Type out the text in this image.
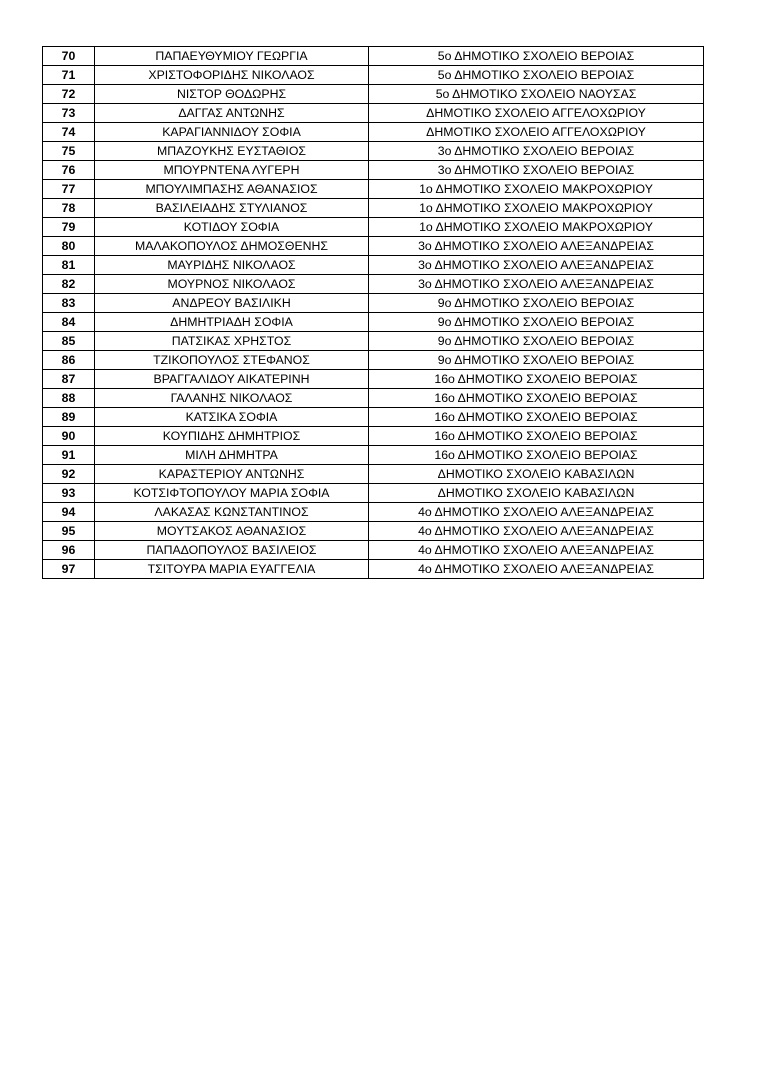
70	ΠΑΠΑΕΥΘΥΜΙΟΥ ΓΕΩΡΓΙΑ	5ο ΔΗΜΟΤΙΚΟ ΣΧΟΛΕΙΟ ΒΕΡΟΙΑΣ
71	ΧΡΙΣΤΟΦΟΡΙΔΗΣ ΝΙΚΟΛΑΟΣ	5ο ΔΗΜΟΤΙΚΟ ΣΧΟΛΕΙΟ ΒΕΡΟΙΑΣ
72	ΝΙΣΤΟΡ ΘΟΔΩΡΗΣ	5ο ΔΗΜΟΤΙΚΟ ΣΧΟΛΕΙΟ ΝΑΟΥΣΑΣ
73	ΔΑΓΓΑΣ ΑΝΤΩΝΗΣ	ΔΗΜΟΤΙΚΟ ΣΧΟΛΕΙΟ ΑΓΓΕΛΟΧΩΡΙΟΥ
74	ΚΑΡΑΓΙΑΝΝΙΔΟΥ ΣΟΦΙΑ	ΔΗΜΟΤΙΚΟ ΣΧΟΛΕΙΟ ΑΓΓΕΛΟΧΩΡΙΟΥ
75	ΜΠΑΖΟΥΚΗΣ ΕΥΣΤΑΘΙΟΣ	3ο ΔΗΜΟΤΙΚΟ ΣΧΟΛΕΙΟ ΒΕΡΟΙΑΣ
76	ΜΠΟΥΡΝΤΕΝΑ ΛΥΓΕΡΗ	3ο ΔΗΜΟΤΙΚΟ ΣΧΟΛΕΙΟ ΒΕΡΟΙΑΣ
77	ΜΠΟΥΛΙΜΠΑΣΗΣ ΑΘΑΝΑΣΙΟΣ	1ο ΔΗΜΟΤΙΚΟ ΣΧΟΛΕΙΟ ΜΑΚΡΟΧΩΡΙΟΥ
78	ΒΑΣΙΛΕΙΑΔΗΣ ΣΤΥΛΙΑΝΟΣ	1ο ΔΗΜΟΤΙΚΟ ΣΧΟΛΕΙΟ ΜΑΚΡΟΧΩΡΙΟΥ
79	ΚΟΤΙΔΟΥ ΣΟΦΙΑ	1ο ΔΗΜΟΤΙΚΟ ΣΧΟΛΕΙΟ ΜΑΚΡΟΧΩΡΙΟΥ
80	ΜΑΛΑΚΟΠΟΥΛΟΣ ΔΗΜΟΣΘΕΝΗΣ	3ο ΔΗΜΟΤΙΚΟ ΣΧΟΛΕΙΟ ΑΛΕΞΑΝΔΡΕΙΑΣ
81	ΜΑΥΡΙΔΗΣ ΝΙΚΟΛΑΟΣ	3ο ΔΗΜΟΤΙΚΟ ΣΧΟΛΕΙΟ ΑΛΕΞΑΝΔΡΕΙΑΣ
82	ΜΟΥΡΝΟΣ ΝΙΚΟΛΑΟΣ	3ο ΔΗΜΟΤΙΚΟ ΣΧΟΛΕΙΟ ΑΛΕΞΑΝΔΡΕΙΑΣ
83	ΑΝΔΡΕΟΥ ΒΑΣΙΛΙΚΗ	9ο ΔΗΜΟΤΙΚΟ ΣΧΟΛΕΙΟ ΒΕΡΟΙΑΣ
84	ΔΗΜΗΤΡΙΑΔΗ ΣΟΦΙΑ	9ο ΔΗΜΟΤΙΚΟ ΣΧΟΛΕΙΟ ΒΕΡΟΙΑΣ
85	ΠΑΤΣΙΚΑΣ ΧΡΗΣΤΟΣ	9ο ΔΗΜΟΤΙΚΟ ΣΧΟΛΕΙΟ ΒΕΡΟΙΑΣ
86	ΤΖΙΚΟΠΟΥΛΟΣ ΣΤΕΦΑΝΟΣ	9ο ΔΗΜΟΤΙΚΟ ΣΧΟΛΕΙΟ ΒΕΡΟΙΑΣ
87	ΒΡΑΓΓΑΛΙΔΟΥ ΑΙΚΑΤΕΡΙΝΗ	16ο ΔΗΜΟΤΙΚΟ ΣΧΟΛΕΙΟ ΒΕΡΟΙΑΣ
88	ΓΑΛΑΝΗΣ ΝΙΚΟΛΑΟΣ	16ο ΔΗΜΟΤΙΚΟ ΣΧΟΛΕΙΟ ΒΕΡΟΙΑΣ
89	ΚΑΤΣΙΚΑ ΣΟΦΙΑ	16ο ΔΗΜΟΤΙΚΟ ΣΧΟΛΕΙΟ ΒΕΡΟΙΑΣ
90	ΚΟΥΠΙΔΗΣ ΔΗΜΗΤΡΙΟΣ	16ο ΔΗΜΟΤΙΚΟ ΣΧΟΛΕΙΟ ΒΕΡΟΙΑΣ
91	ΜΙΛΗ ΔΗΜΗΤΡΑ	16ο ΔΗΜΟΤΙΚΟ ΣΧΟΛΕΙΟ ΒΕΡΟΙΑΣ
92	ΚΑΡΑΣΤΕΡΙΟΥ ΑΝΤΩΝΗΣ	ΔΗΜΟΤΙΚΟ ΣΧΟΛΕΙΟ ΚΑΒΑΣΙΛΩΝ
93	ΚΟΤΣΙΦΤΟΠΟΥΛΟΥ ΜΑΡΙΑ ΣΟΦΙΑ	ΔΗΜΟΤΙΚΟ ΣΧΟΛΕΙΟ ΚΑΒΑΣΙΛΩΝ
94	ΛΑΚΑΣΑΣ ΚΩΝΣΤΑΝΤΙΝΟΣ	4ο ΔΗΜΟΤΙΚΟ ΣΧΟΛΕΙΟ ΑΛΕΞΑΝΔΡΕΙΑΣ
95	ΜΟΥΤΣΑΚΟΣ ΑΘΑΝΑΣΙΟΣ	4ο ΔΗΜΟΤΙΚΟ ΣΧΟΛΕΙΟ ΑΛΕΞΑΝΔΡΕΙΑΣ
96	ΠΑΠΑΔΟΠΟΥΛΟΣ ΒΑΣΙΛΕΙΟΣ	4ο ΔΗΜΟΤΙΚΟ ΣΧΟΛΕΙΟ ΑΛΕΞΑΝΔΡΕΙΑΣ
97	ΤΣΙΤΟΥΡΑ ΜΑΡΙΑ ΕΥΑΓΓΕΛΙΑ	4ο ΔΗΜΟΤΙΚΟ ΣΧΟΛΕΙΟ ΑΛΕΞΑΝΔΡΕΙΑΣ
